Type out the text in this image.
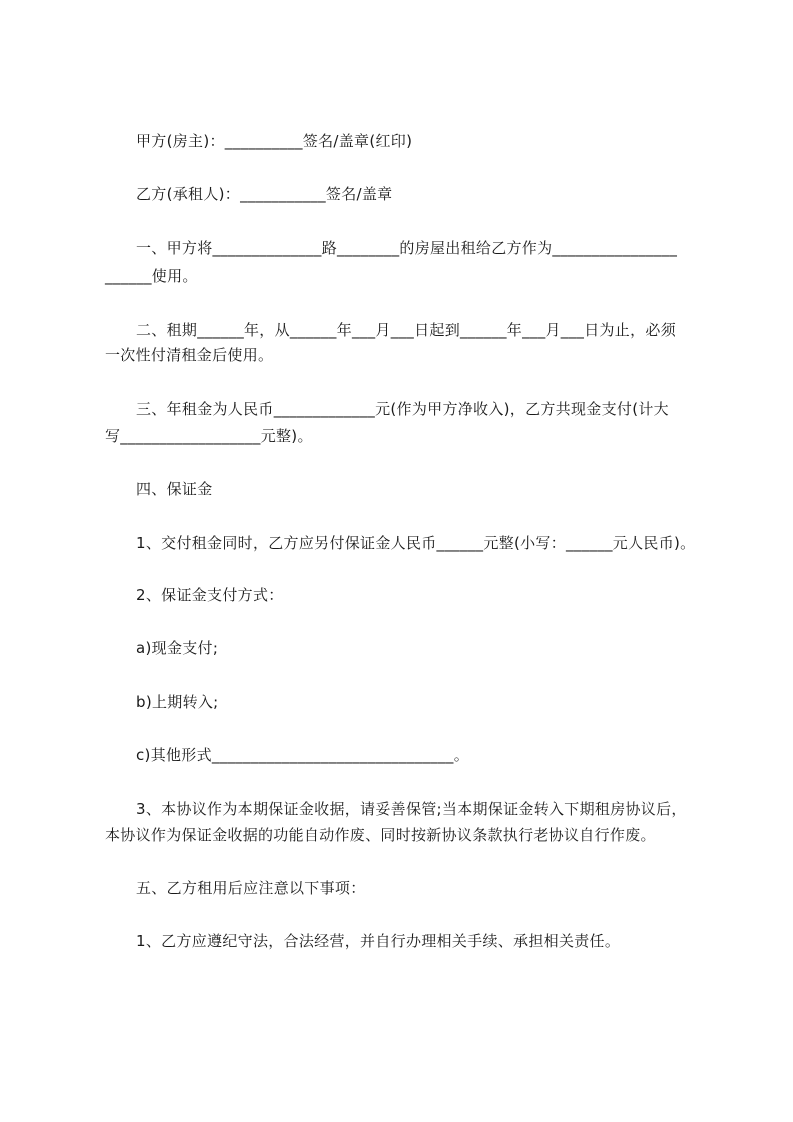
甲方(房主)：__________签名/盖章(红印)
乙方(承租人)：___________签名/盖章
一、甲方将______________路________的房屋出租给乙方作为________________
______使用。
二、租期______年，从______年___月___日起到______年___月___日为止，必须
一次性付清租金后使用。
三、年租金为人民币_____________元(作为甲方净收入)，乙方共现金支付(计大
写__________________元整)。
四、保证金
1、交付租金同时，乙方应另付保证金人民币______元整(小写：______元人民币)。
2、保证金支付方式：
a)现金支付;
b)上期转入;
c)其他形式_______________________________。
3、本协议作为本期保证金收据，请妥善保管;当本期保证金转入下期租房协议后，
本协议作为保证金收据的功能自动作废、同时按新协议条款执行老协议自行作废。
五、乙方租用后应注意以下事项：
1、乙方应遵纪守法，合法经营，并自行办理相关手续、承担相关责任。
